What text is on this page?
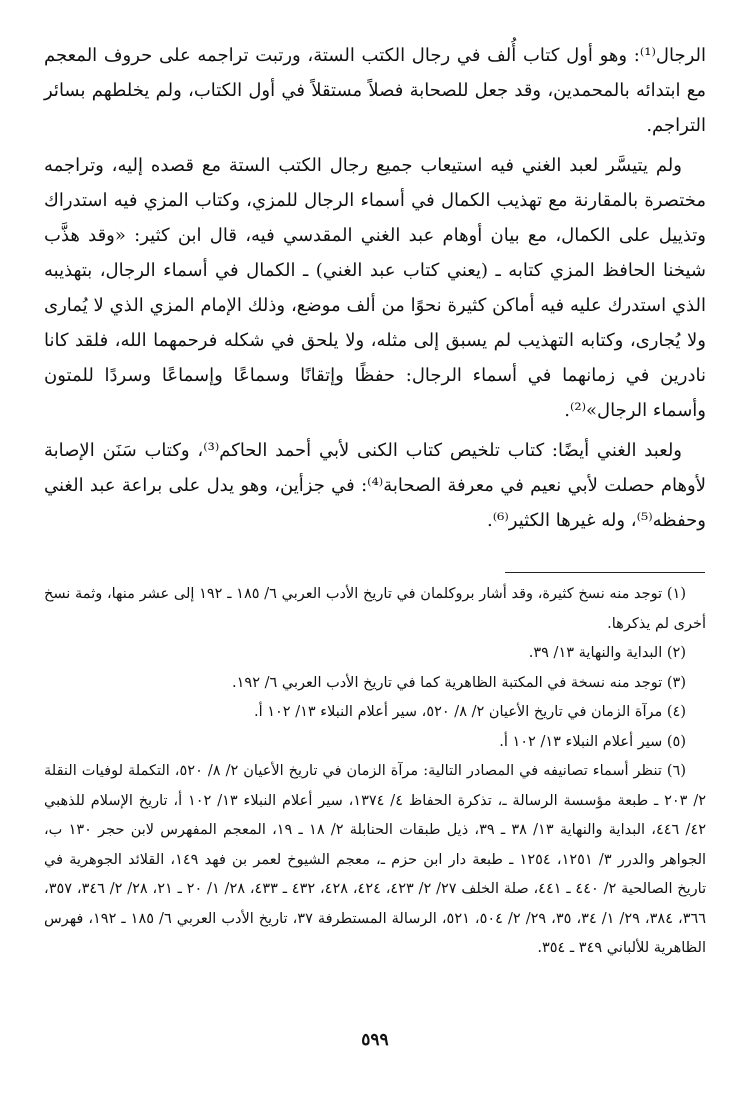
الرجال⁽¹⁾: وهو أول كتاب أُلف في رجال الكتب الستة، ورتبت تراجمه على حروف المعجم مع ابتدائه بالمحمدين، وقد جعل للصحابة فصلاً مستقلاً في أول الكتاب، ولم يخلطهم بسائر التراجم.

ولم يتيسَّر لعبد الغني فيه استيعاب جميع رجال الكتب الستة مع قصده إليه، وتراجمه مختصرة بالمقارنة مع تهذيب الكمال في أسماء الرجال للمزي، وكتاب المزي فيه استدراك وتذييل على الكمال، مع بيان أوهام عبد الغني المقدسي فيه، قال ابن كثير: «وقد هذَّب شيخنا الحافظ المزي كتابه ـ (يعني كتاب عبد الغني) ـ الكمال في أسماء الرجال، بتهذيبه الذي استدرك عليه فيه أماكن كثيرة نحوًا من ألف موضع، وذلك الإمام المزي الذي لا يُمارى ولا يُجارى، وكتابه التهذيب لم يسبق إلى مثله، ولا يلحق في شكله فرحمهما الله، فلقد كانا نادرين في زمانهما في أسماء الرجال: حفظًا وإتقانًا وسماعًا وإسماعًا وسردًا للمتون وأسماء الرجال»⁽²⁾.

ولعبد الغني أيضًا: كتاب تلخيص كتاب الكنى لأبي أحمد الحاكم⁽³⁾، وكتاب سَنَن الإصابة لأوهام حصلت لأبي نعيم في معرفة الصحابة⁽⁴⁾: في جزأين، وهو يدل على براعة عبد الغني وحفظه⁽⁵⁾، وله غيرها الكثير⁽⁶⁾.

(١) توجد منه نسخ كثيرة، وقد أشار بروكلمان في تاريخ الأدب العربي ٦/ ١٨٥ ـ ١٩٢ إلى عشر منها، وثمة نسخ أخرى لم يذكرها.

(٢) البداية والنهاية ١٣/ ٣٩.

(٣) توجد منه نسخة في المكتبة الظاهرية كما في تاريخ الأدب العربي ٦/ ١٩٢.

(٤) مرآة الزمان في تاريخ الأعيان ٢/ ٨/ ٥٢٠، سير أعلام النبلاء ١٣/ ١٠٢ أ.

(٥) سير أعلام النبلاء ١٣/ ١٠٢ أ.

(٦) تنظر أسماء تصانيفه في المصادر التالية: مرآة الزمان في تاريخ الأعيان ٢/ ٨/ ٥٢٠، التكملة لوفيات النقلة ٢/ ٢٠٣ ـ طبعة مؤسسة الرسالة ـ، تذكرة الحفاظ ٤/ ١٣٧٤، سير أعلام النبلاء ١٣/ ١٠٢ أ، تاريخ الإسلام للذهبي ٤٢/ ٤٤٦، البداية والنهاية ١٣/ ٣٨ ـ ٣٩، ذيل طبقات الحنابلة ٢/ ١٨ ـ ١٩، المعجم المفهرس لابن حجر ١٣٠ ب، الجواهر والدرر ٣/ ١٢٥١، ١٢٥٤ ـ طبعة دار ابن حزم ـ، معجم الشيوخ لعمر بن فهد ١٤٩، القلائد الجوهرية في تاريخ الصالحية ٢/ ٤٤٠ ـ ٤٤١، صلة الخلف ٢٧/ ٢/ ٤٢٣، ٤٢٤، ٤٢٨، ٤٣٢ ـ ٤٣٣، ٢٨/ ١/ ٢٠ ـ ٢١، ٢٨/ ٢/ ٣٤٦، ٣٥٧، ٣٦٦، ٣٨٤، ٢٩/ ١/ ٣٤، ٣٥، ٢٩/ ٢/ ٥٠٤، ٥٢١، الرسالة المستطرفة ٣٧، تاريخ الأدب العربي ٦/ ١٨٥ ـ ١٩٢، فهرس الظاهرية للألباني ٣٤٩ ـ ٣٥٤.

٥٩٩
